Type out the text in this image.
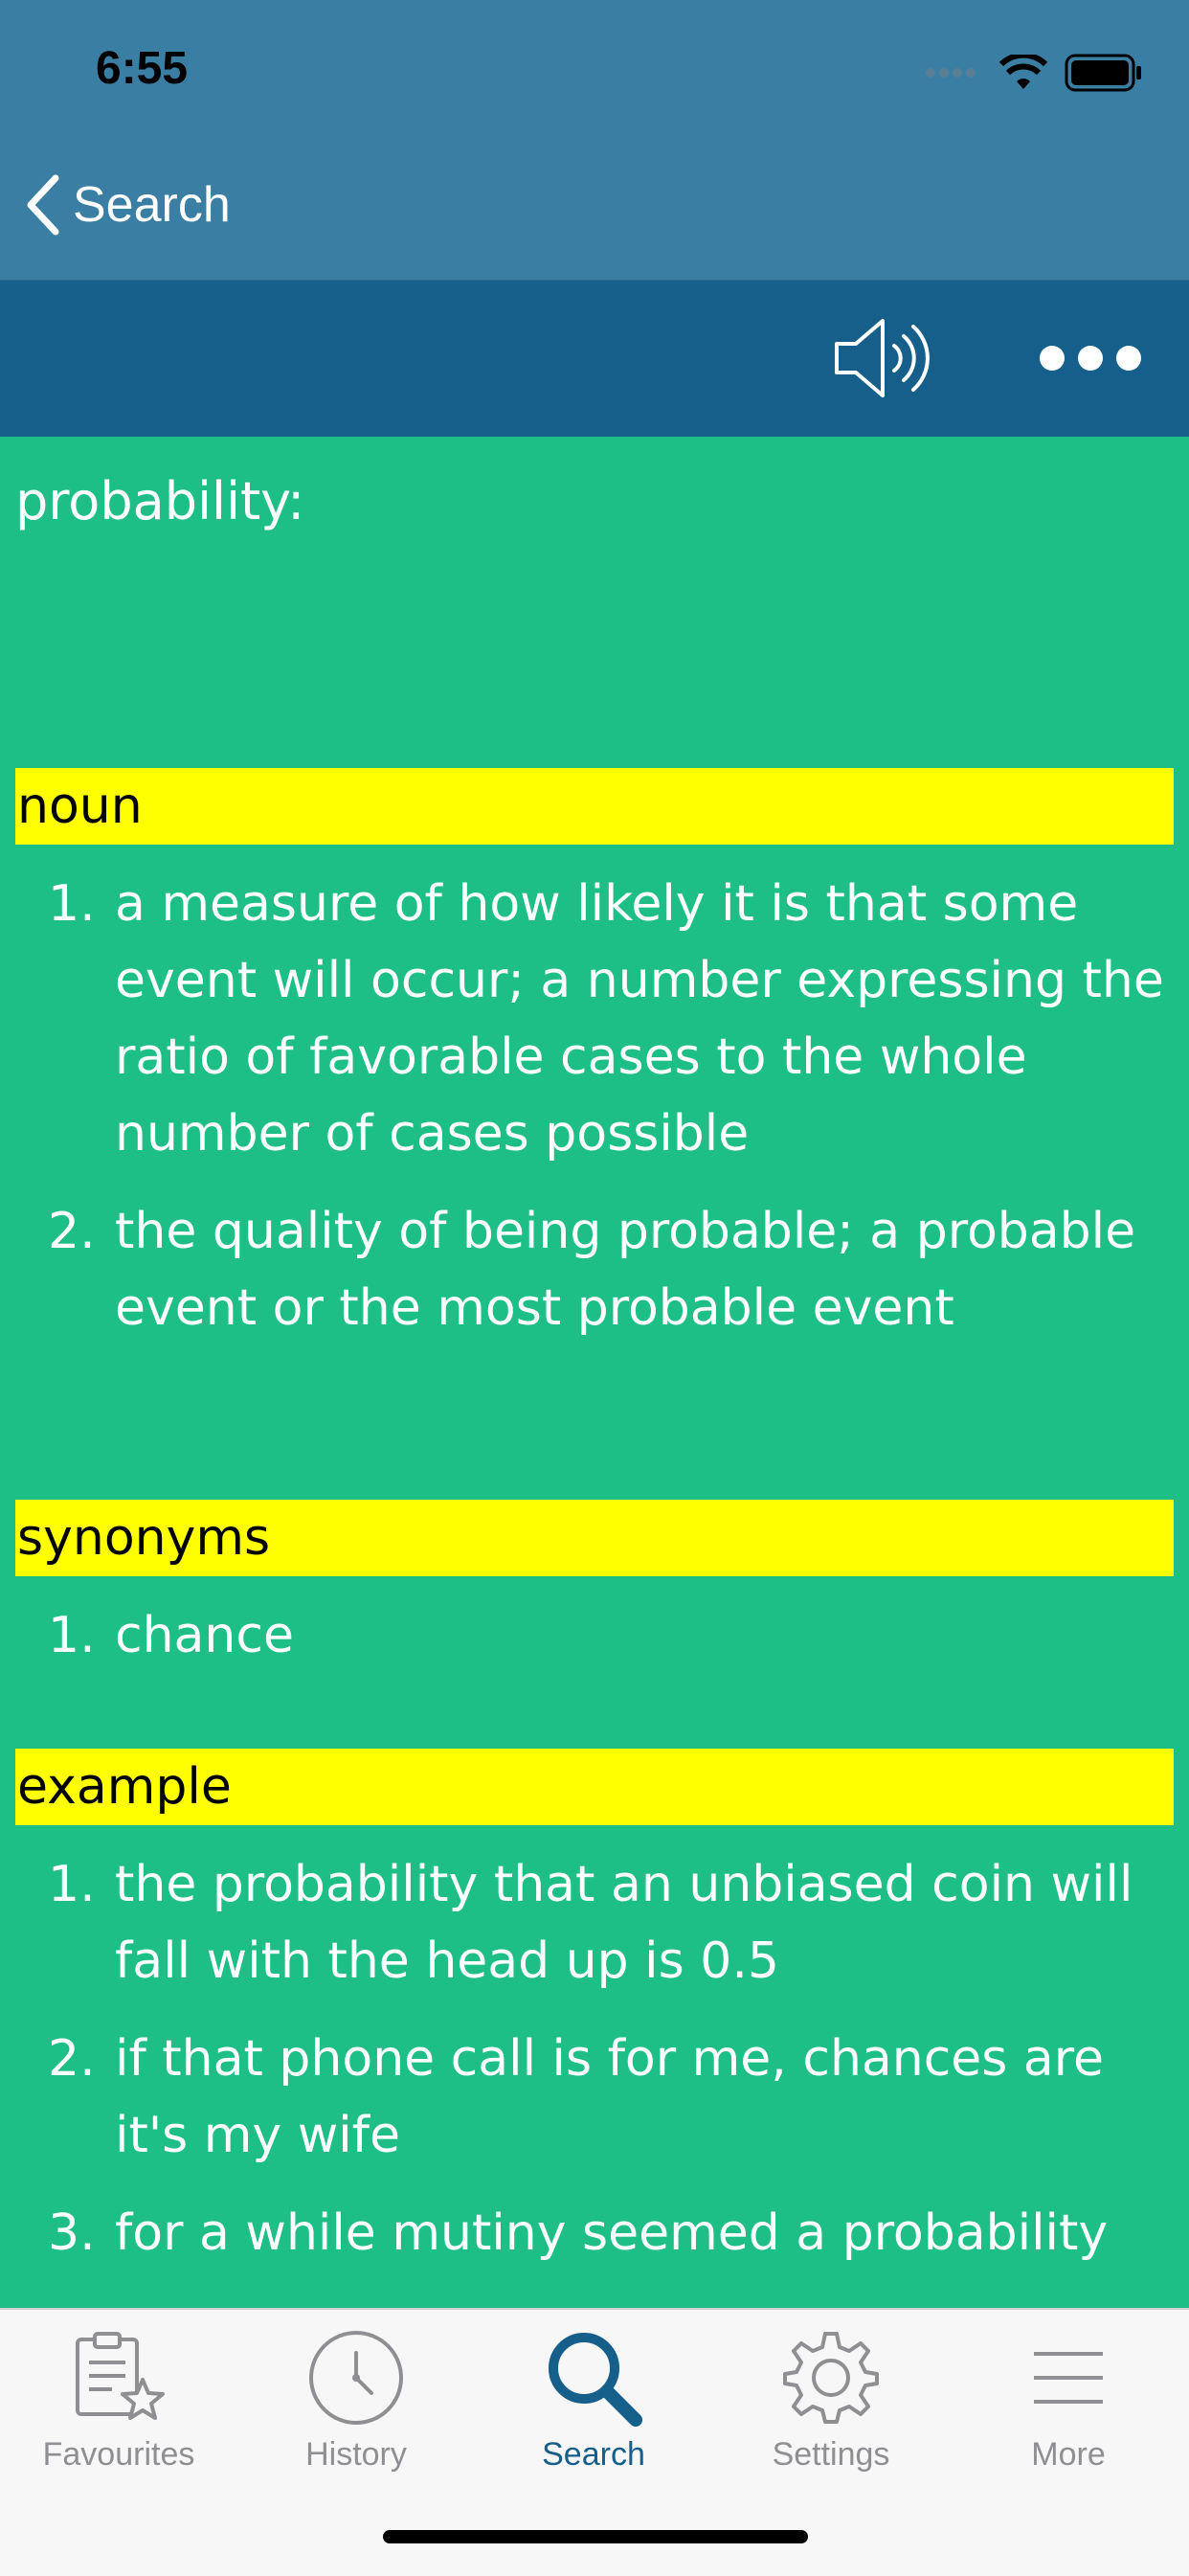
6:55
Search
probability:
noun
1. a measure of how likely it is that some event will occur; a number expressing the ratio of favorable cases to the whole number of cases possible
2. the quality of being probable; a probable event or the most probable event
synonyms
1. chance
example
1. the probability that an unbiased coin will fall with the head up is 0.5
2. if that phone call is for me, chances are it's my wife
3. for a while mutiny seemed a probability
Favourites	History	Search	Settings	More
